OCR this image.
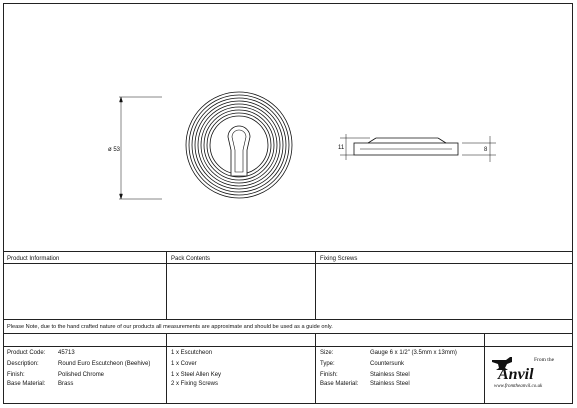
ø 53	11	8
Product Information	Pack Contents	Fixing Screws
Please Note, due to the hand crafted nature of our products all measurements are approximate and should be used as a guide only.
Product Code: 45713
Description:	Round Euro Escutcheon (Beehive)
Finish:	Polished Chrome
Base Material: Brass
1 x Escutcheon
1 x Cover
1 x Steel Allen Key
2 x Fixing Screws
Size:	Gauge 6 x 1/2" (3.5mm x 13mm)
Type:	Countersunk
Finish:	Stainless Steel
Base Material: Stainless Steel
From the
Anvil
www.fromtheanvil.co.uk
